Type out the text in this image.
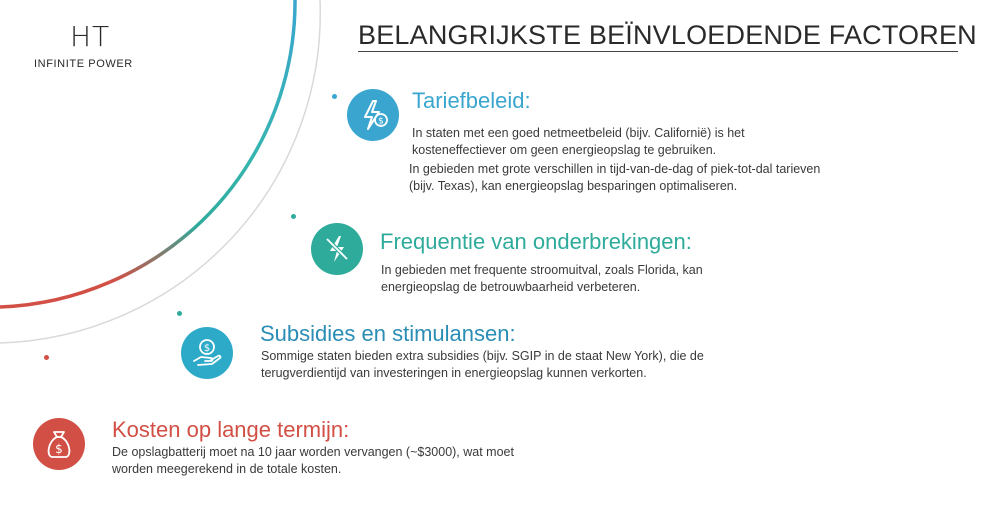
HT
INFINITE POWER
BELANGRIJKSTE BEÏNVLOEDENDE FACTOREN
$
Tariefbeleid:
In staten met een goed netmeetbeleid (bijv. Californië) is het
kosteneffectiever om geen energieopslag te gebruiken.
In gebieden met grote verschillen in tijd-van-de-dag of piek-tot-dal tarieven
(bijv. Texas), kan energieopslag besparingen optimaliseren.
Frequentie van onderbrekingen:
In gebieden met frequente stroomuitval, zoals Florida, kan
energieopslag de betrouwbaarheid verbeteren.
$
Subsidies en stimulansen:
Sommige staten bieden extra subsidies (bijv. SGIP in de staat New York), die de
terugverdientijd van investeringen in energieopslag kunnen verkorten.
$
Kosten op lange termijn:
De opslagbatterij moet na 10 jaar worden vervangen (~$3000), wat moet
worden meegerekend in de totale kosten.
